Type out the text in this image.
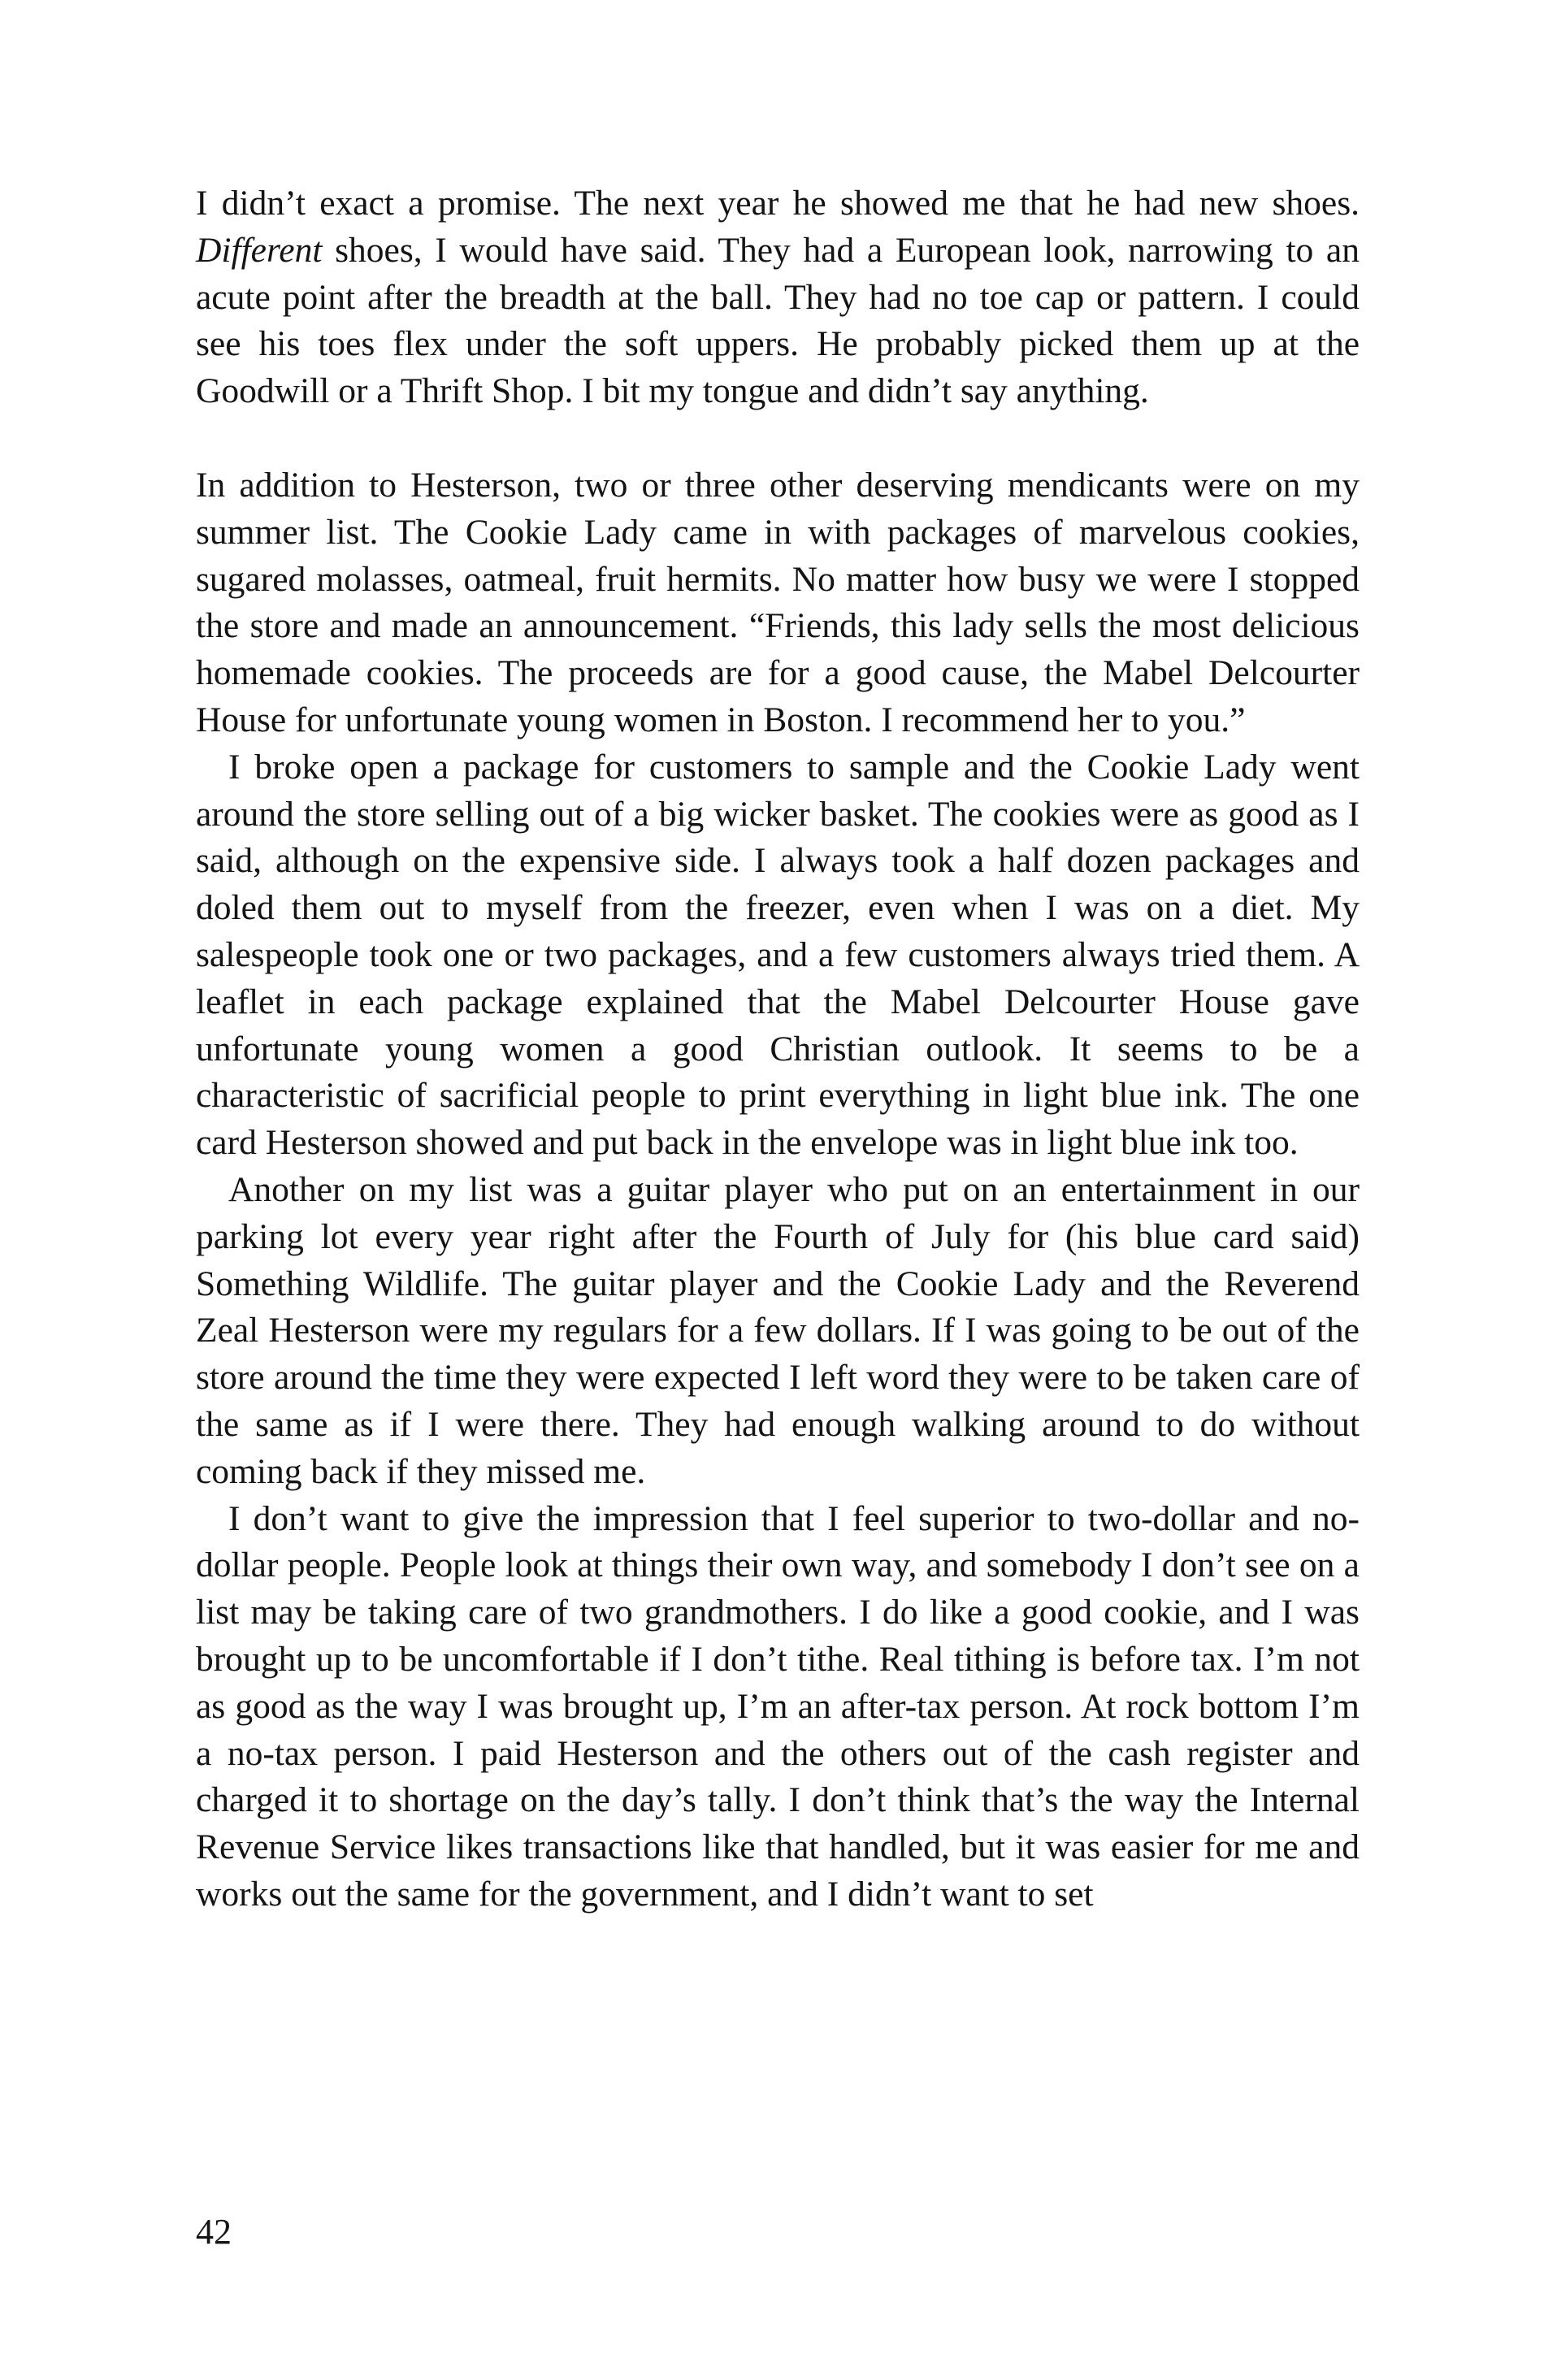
I didn’t exact a promise. The next year he showed me that he had new shoes. Different shoes, I would have said. They had a European look, narrowing to an acute point after the breadth at the ball. They had no toe cap or pattern. I could see his toes flex under the soft uppers. He probably picked them up at the Goodwill or a Thrift Shop. I bit my tongue and didn’t say anything.

In addition to Hesterson, two or three other deserving mendicants were on my summer list. The Cookie Lady came in with packages of marvelous cookies, sugared molasses, oatmeal, fruit hermits. No matter how busy we were I stopped the store and made an announcement. “Friends, this lady sells the most delicious homemade cookies. The proceeds are for a good cause, the Mabel Delcourter House for unfortunate young women in Boston. I recommend her to you.”

I broke open a package for customers to sample and the Cookie Lady went around the store selling out of a big wicker basket. The cookies were as good as I said, although on the expensive side. I always took a half dozen packages and doled them out to myself from the freezer, even when I was on a diet. My salespeople took one or two packages, and a few customers always tried them. A leaflet in each package explained that the Mabel Delcourter House gave unfortunate young women a good Christian outlook. It seems to be a characteristic of sacrificial people to print everything in light blue ink. The one card Hesterson showed and put back in the envelope was in light blue ink too.

Another on my list was a guitar player who put on an entertainment in our parking lot every year right after the Fourth of July for (his blue card said) Something Wildlife. The guitar player and the Cookie Lady and the Reverend Zeal Hesterson were my regulars for a few dollars. If I was going to be out of the store around the time they were expected I left word they were to be taken care of the same as if I were there. They had enough walking around to do without coming back if they missed me.

I don’t want to give the impression that I feel superior to two-dollar and no-dollar people. People look at things their own way, and somebody I don’t see on a list may be taking care of two grandmothers. I do like a good cookie, and I was brought up to be uncomfortable if I don’t tithe. Real tithing is before tax. I’m not as good as the way I was brought up, I’m an after-tax person. At rock bottom I’m a no-tax person. I paid Hesterson and the others out of the cash register and charged it to shortage on the day’s tally. I don’t think that’s the way the Internal Revenue Service likes transactions like that handled, but it was easier for me and works out the same for the government, and I didn’t want to set

42
